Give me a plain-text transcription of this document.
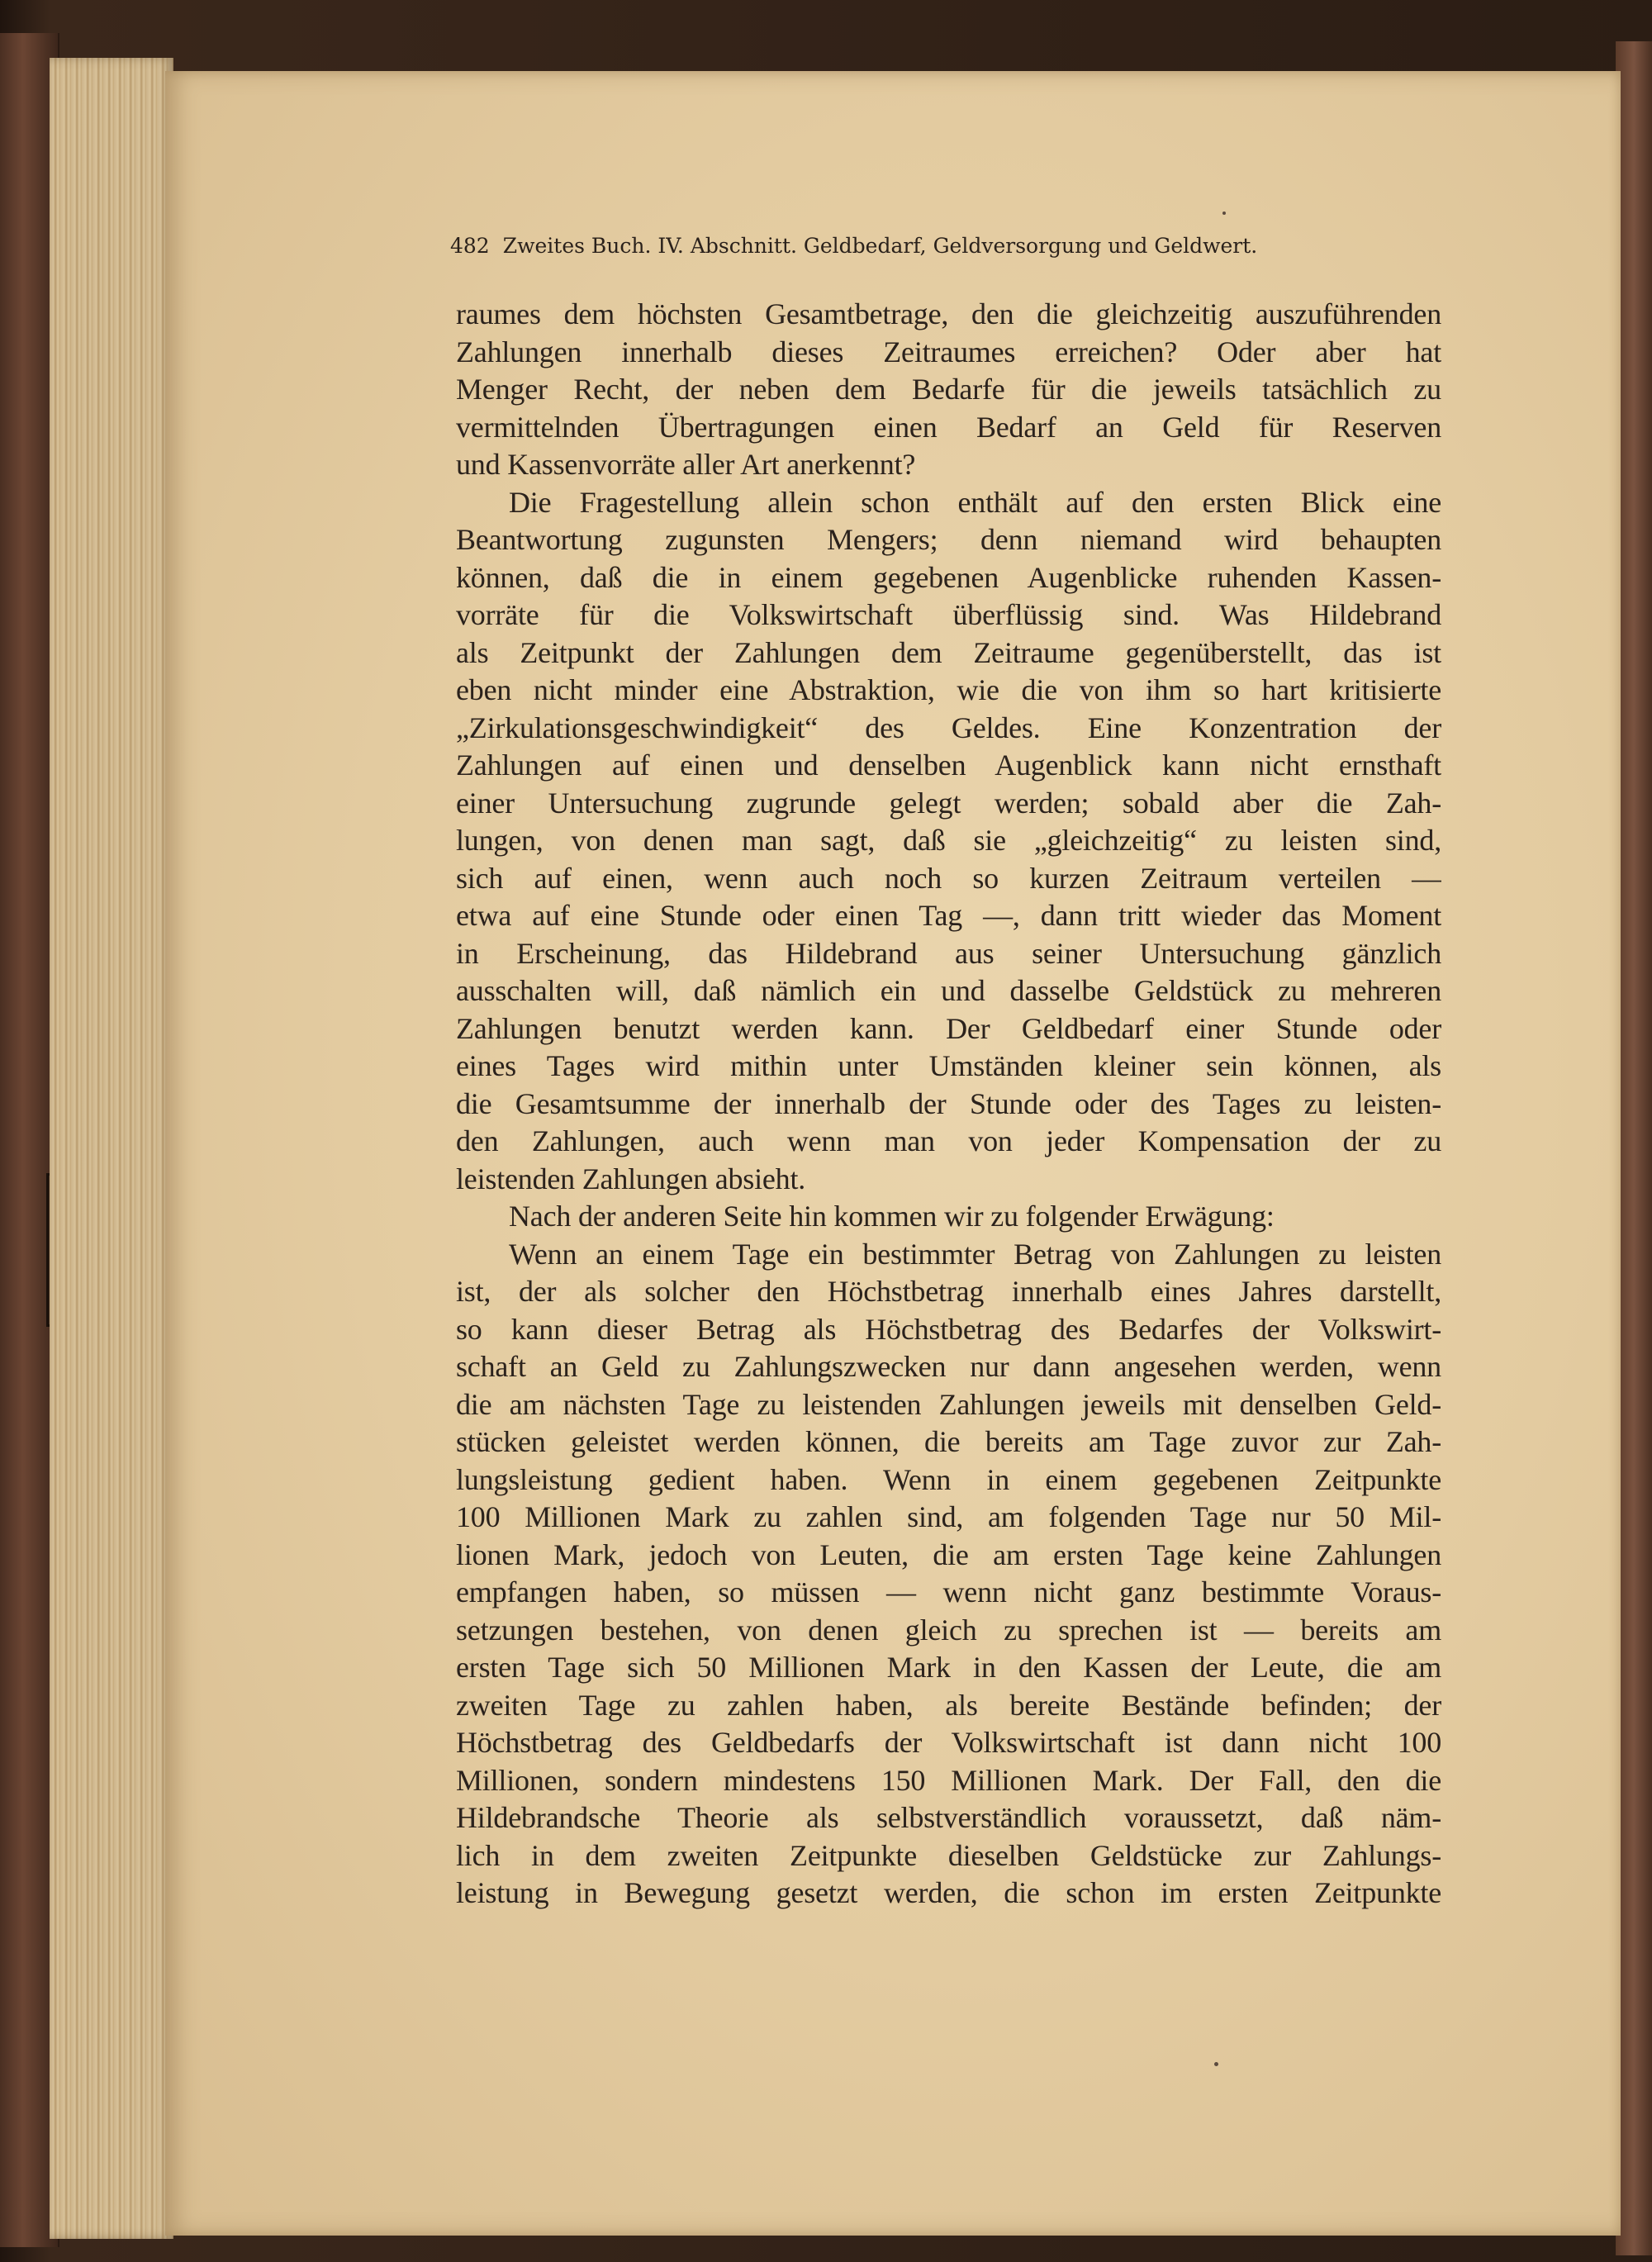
482 Zweites Buch. IV. Abschnitt. Geldbedarf, Geldversorgung und Geldwert.
raumes dem höchsten Gesamtbetrage, den die gleichzeitig auszuführenden
Zahlungen innerhalb dieses Zeitraumes erreichen? Oder aber hat
Menger Recht, der neben dem Bedarfe für die jeweils tatsächlich zu
vermittelnden Übertragungen einen Bedarf an Geld für Reserven
und Kassenvorräte aller Art anerkennt?
Die Fragestellung allein schon enthält auf den ersten Blick eine
Beantwortung zugunsten Mengers; denn niemand wird behaupten
können, daß die in einem gegebenen Augenblicke ruhenden Kassen-
vorräte für die Volkswirtschaft überflüssig sind. Was Hildebrand
als Zeitpunkt der Zahlungen dem Zeitraume gegenüberstellt, das ist
eben nicht minder eine Abstraktion, wie die von ihm so hart kritisierte
„Zirkulationsgeschwindigkeit“ des Geldes. Eine Konzentration der
Zahlungen auf einen und denselben Augenblick kann nicht ernsthaft
einer Untersuchung zugrunde gelegt werden; sobald aber die Zah-
lungen, von denen man sagt, daß sie „gleichzeitig“ zu leisten sind,
sich auf einen, wenn auch noch so kurzen Zeitraum verteilen —
etwa auf eine Stunde oder einen Tag —, dann tritt wieder das Moment
in Erscheinung, das Hildebrand aus seiner Untersuchung gänzlich
ausschalten will, daß nämlich ein und dasselbe Geldstück zu mehreren
Zahlungen benutzt werden kann. Der Geldbedarf einer Stunde oder
eines Tages wird mithin unter Umständen kleiner sein können, als
die Gesamtsumme der innerhalb der Stunde oder des Tages zu leisten-
den Zahlungen, auch wenn man von jeder Kompensation der zu
leistenden Zahlungen absieht.
Nach der anderen Seite hin kommen wir zu folgender Erwägung:
Wenn an einem Tage ein bestimmter Betrag von Zahlungen zu leisten
ist, der als solcher den Höchstbetrag innerhalb eines Jahres darstellt,
so kann dieser Betrag als Höchstbetrag des Bedarfes der Volkswirt-
schaft an Geld zu Zahlungszwecken nur dann angesehen werden, wenn
die am nächsten Tage zu leistenden Zahlungen jeweils mit denselben Geld-
stücken geleistet werden können, die bereits am Tage zuvor zur Zah-
lungsleistung gedient haben. Wenn in einem gegebenen Zeitpunkte
100 Millionen Mark zu zahlen sind, am folgenden Tage nur 50 Mil-
lionen Mark, jedoch von Leuten, die am ersten Tage keine Zahlungen
empfangen haben, so müssen — wenn nicht ganz bestimmte Voraus-
setzungen bestehen, von denen gleich zu sprechen ist — bereits am
ersten Tage sich 50 Millionen Mark in den Kassen der Leute, die am
zweiten Tage zu zahlen haben, als bereite Bestände befinden; der
Höchstbetrag des Geldbedarfs der Volkswirtschaft ist dann nicht 100
Millionen, sondern mindestens 150 Millionen Mark. Der Fall, den die
Hildebrandsche Theorie als selbstverständlich voraussetzt, daß näm-
lich in dem zweiten Zeitpunkte dieselben Geldstücke zur Zahlungs-
leistung in Bewegung gesetzt werden, die schon im ersten Zeitpunkte
